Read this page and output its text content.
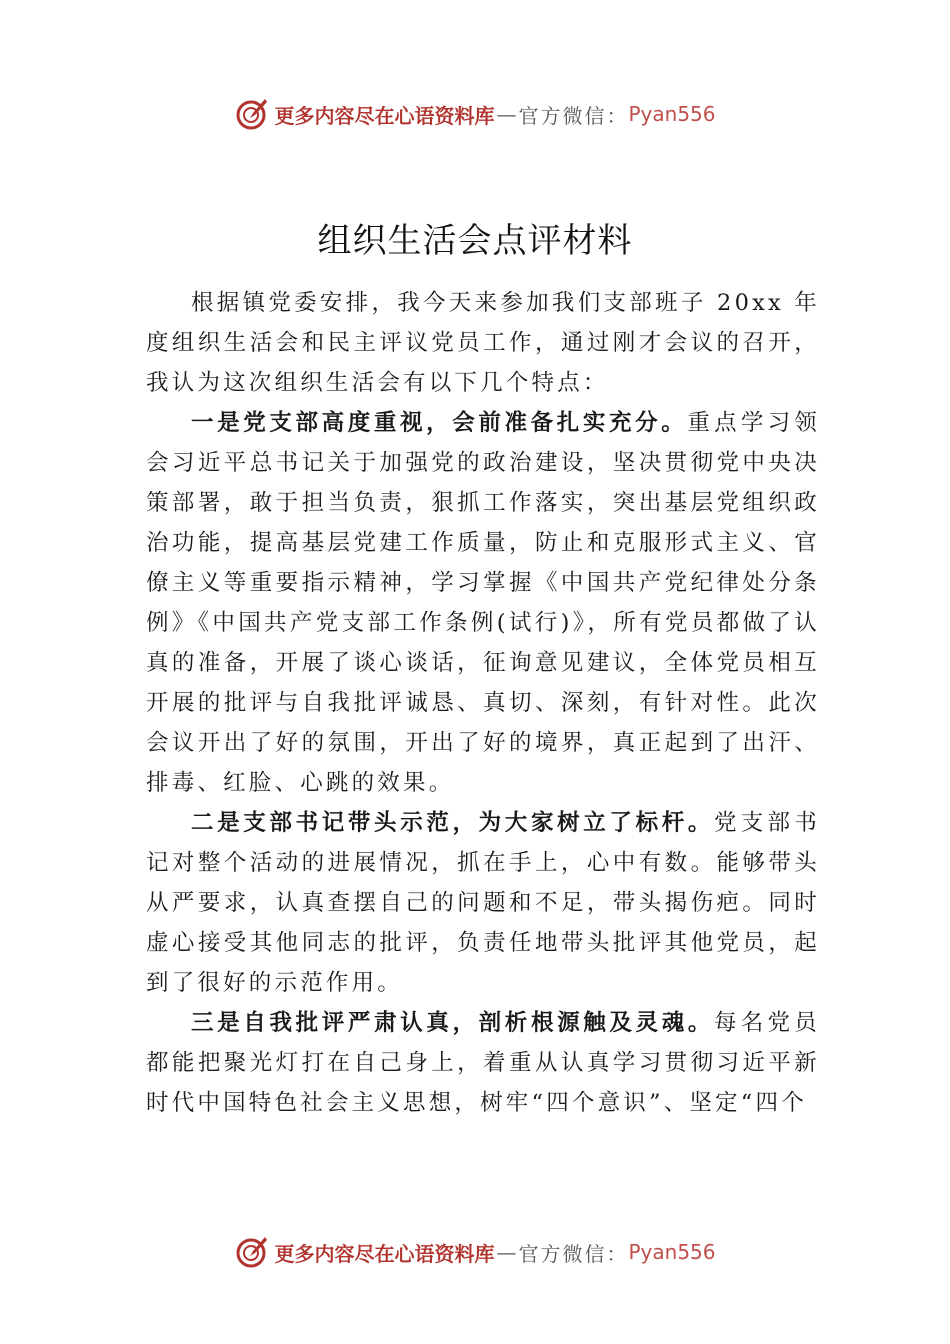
更多内容尽在心语资料库 — 官方微信： Pyan556
组织生活会点评材料

根据镇党委安排，我今天来参加我们支部班子 20xx 年度组织生活会和民主评议党员工作，通过刚才会议的召开， 我认为这次组织生活会有以下几个特点：

一是党支部高度重视，会前准备扎实充分。重点学习领会习近平总书记关于加强党的政治建设，坚决贯彻党中央决策部署，敢于担当负责，狠抓工作落实，突出基层党组织政治功能，提高基层党建工作质量，防止和克服形式主义、官僚主义等重要指示精神，学习掌握《中国共产党纪律处分条例》《中国共产党支部工作条例(试行)》，所有党员都做了认真的准备，开展了谈心谈话，征询意见建议，全体党员相互开展的批评与自我批评诚恳、真切、深刻，有针对性。此次会议开出了好的氛围，开出了好的境界，真正起到了出汗、 排毒、红脸、心跳的效果。

二是支部书记带头示范，为大家树立了标杆。党支部书记对整个活动的进展情况，抓在手上，心中有数。能够带头从严要求，认真查摆自己的问题和不足，带头揭伤疤。同时虚心接受其他同志的批评，负责任地带头批评其他党员，起到了很好的示范作用。

三是自我批评严肃认真，剖析根源触及灵魂。每名党员都能把聚光灯打在自己身上，着重从认真学习贯彻习近平新时代中国特色社会主义思想，树牢“四个意识”、坚定“四个

更多内容尽在心语资料库 — 官方微信： Pyan556
